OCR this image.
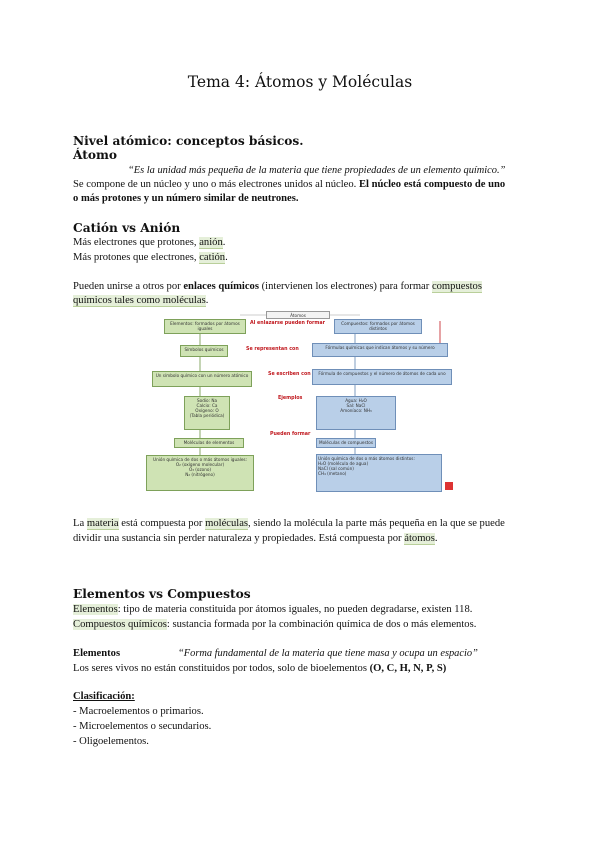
Tema 4: Átomos y Moléculas
Nivel atómico: conceptos básicos.
Átomo
“Es la unidad más pequeña de la materia que tiene propiedades de un elemento químico.”
Se compone de un núcleo y uno o más electrones unidos al núcleo. El núcleo está compuesto de uno
o más protones y un número similar de neutrones.
Catión vs Anión
Más electrones que protones, anión.
Más protones que electrones, catión.
Pueden unirse a otros por enlaces químicos (intervienen los electrones) para formar compuestos
químicos tales como moléculas.
Átomos
Elementos: formados por átomos iguales
Símbolos químicos
Un símbolo químico con un número atómico
Sodio: Na
Calcio: Ca
Oxígeno: O
(Tabla periódica)
Moléculas de elementos
Unión química de dos o más átomos iguales:
O₂ (oxígeno molecular)
O₃ (ozono)
N₂ (nitrógeno)
Compuestos: formados por átomos distintos
Fórmulas químicas que indican átomos y su número
Fórmula de compuestos y el número de átomos de cada uno
Agua: H₂O
Sal: NaCl
Amoníaco: NH₃
Moléculas de compuestos
Unión química de dos o más átomos distintos:
H₂O (molécula de agua)
NaCl (sal común)
CH₄ (metano)
Al enlazarse pueden formar
Se representan con
Se escriben con
Ejemplos
Pueden formar
La materia está compuesta por moléculas, siendo la molécula la parte más pequeña en la que se puede
dividir una sustancia sin perder naturaleza y propiedades. Está compuesta por átomos.
Elementos vs Compuestos
Elementos: tipo de materia constituida por átomos iguales, no pueden degradarse, existen 118.
Compuestos químicos: sustancia formada por la combinación química de dos o más elementos.
Elementos	“Forma fundamental de la materia que tiene masa y ocupa un espacio”
Los seres vivos no están constituidos por todos, solo de bioelementos (O, C, H, N, P, S)
Clasificación:
- Macroelementos o primarios.
- Microelementos o secundarios.
- Oligoelementos.
